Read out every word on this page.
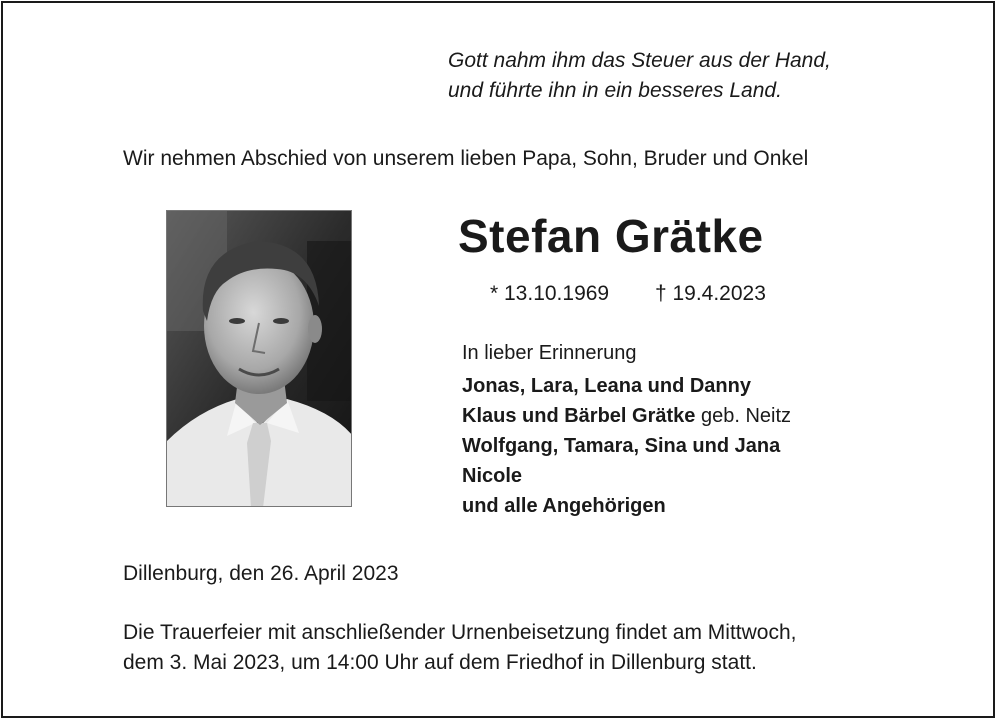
Gott nahm ihm das Steuer aus der Hand,
und führte ihn in ein besseres Land.
Wir nehmen Abschied von unserem lieben Papa, Sohn, Bruder und Onkel
Stefan Grätke
* 13.10.1969 † 19.4.2023
In lieber Erinnerung
Jonas, Lara, Leana und Danny
Klaus und Bärbel Grätke geb. Neitz
Wolfgang, Tamara, Sina und Jana
Nicole
und alle Angehörigen
Dillenburg, den 26. April 2023
Die Trauerfeier mit anschließender Urnenbeisetzung findet am Mittwoch,
dem 3. Mai 2023, um 14:00 Uhr auf dem Friedhof in Dillenburg statt.
